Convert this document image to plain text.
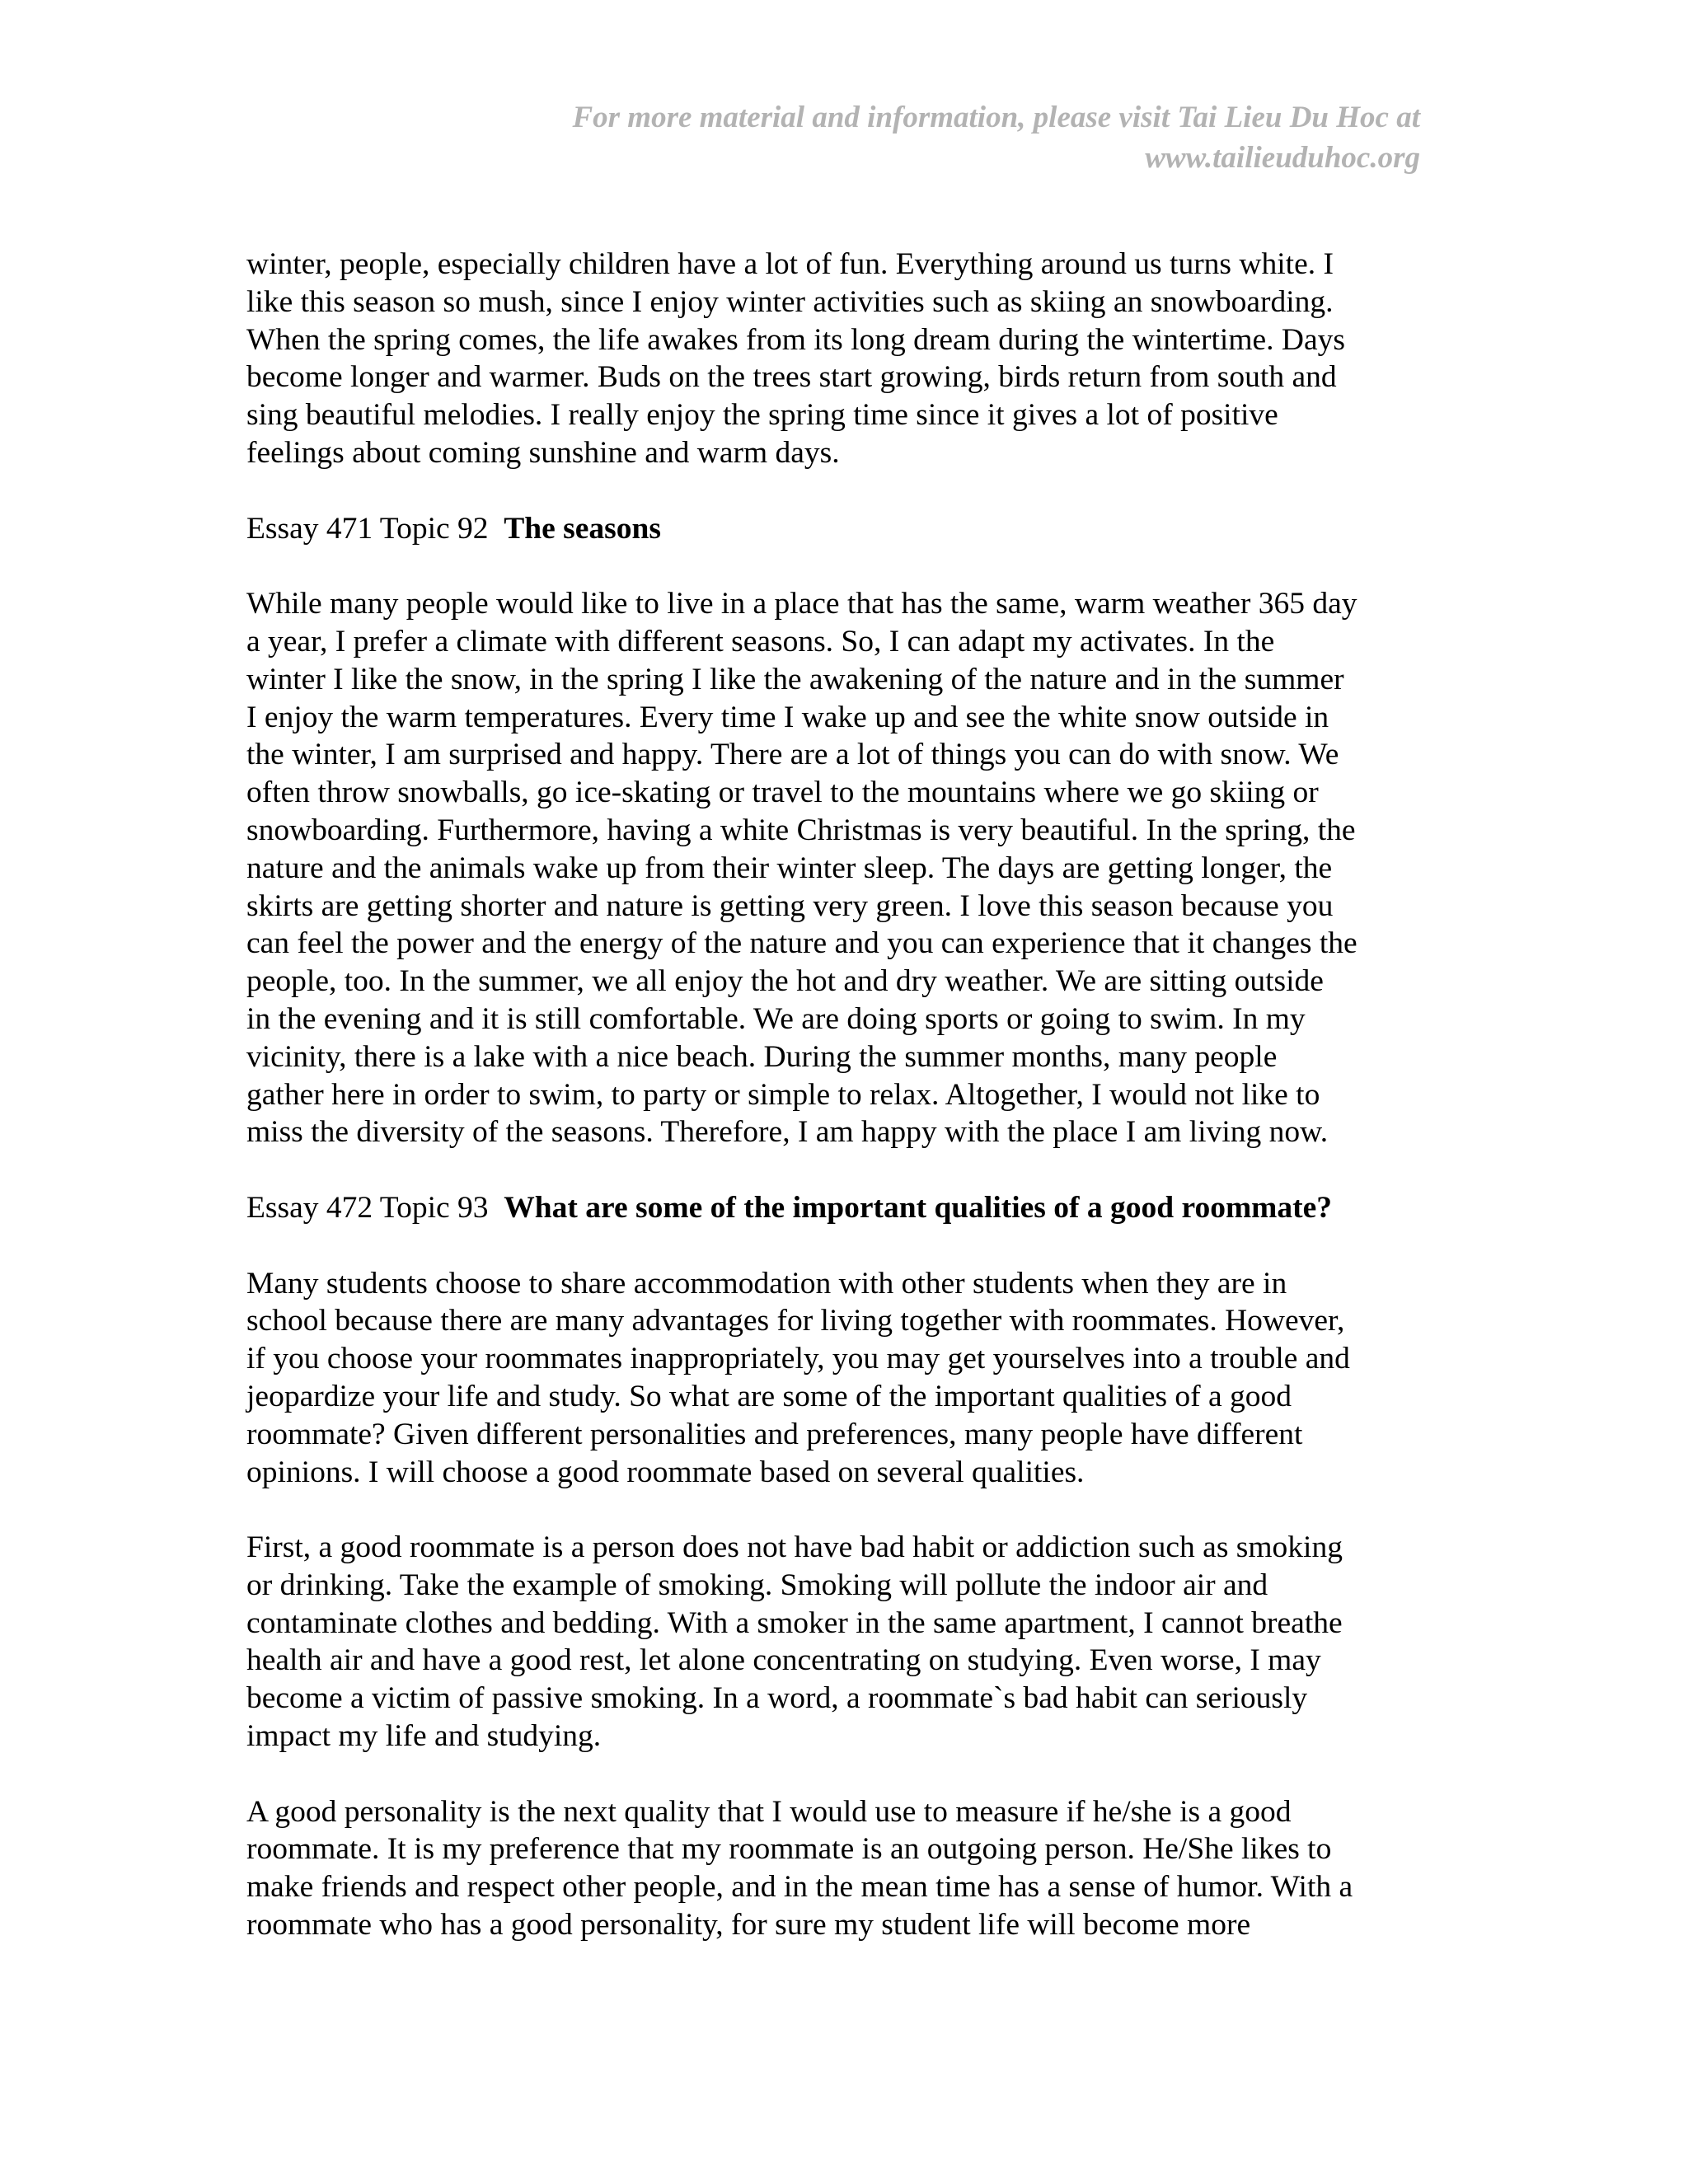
For more material and information, please visit Tai Lieu Du Hoc at
www.tailieuduhoc.org
winter, people, especially children have a lot of fun. Everything around us turns white. I
like this season so mush, since I enjoy winter activities such as skiing an snowboarding.
When the spring comes, the life awakes from its long dream during the wintertime. Days
become longer and warmer. Buds on the trees start growing, birds return from south and
sing beautiful melodies. I really enjoy the spring time since it gives a lot of positive
feelings about coming sunshine and warm days.
Essay 471 Topic 92 The seasons
While many people would like to live in a place that has the same, warm weather 365 day
a year, I prefer a climate with different seasons. So, I can adapt my activates. In the
winter I like the snow, in the spring I like the awakening of the nature and in the summer
I enjoy the warm temperatures. Every time I wake up and see the white snow outside in
the winter, I am surprised and happy. There are a lot of things you can do with snow. We
often throw snowballs, go ice-skating or travel to the mountains where we go skiing or
snowboarding. Furthermore, having a white Christmas is very beautiful. In the spring, the
nature and the animals wake up from their winter sleep. The days are getting longer, the
skirts are getting shorter and nature is getting very green. I love this season because you
can feel the power and the energy of the nature and you can experience that it changes the
people, too. In the summer, we all enjoy the hot and dry weather. We are sitting outside
in the evening and it is still comfortable. We are doing sports or going to swim. In my
vicinity, there is a lake with a nice beach. During the summer months, many people
gather here in order to swim, to party or simple to relax. Altogether, I would not like to
miss the diversity of the seasons. Therefore, I am happy with the place I am living now.
Essay 472 Topic 93 What are some of the important qualities of a good roommate?
Many students choose to share accommodation with other students when they are in
school because there are many advantages for living together with roommates. However,
if you choose your roommates inappropriately, you may get yourselves into a trouble and
jeopardize your life and study. So what are some of the important qualities of a good
roommate? Given different personalities and preferences, many people have different
opinions. I will choose a good roommate based on several qualities.
First, a good roommate is a person does not have bad habit or addiction such as smoking
or drinking. Take the example of smoking. Smoking will pollute the indoor air and
contaminate clothes and bedding. With a smoker in the same apartment, I cannot breathe
health air and have a good rest, let alone concentrating on studying. Even worse, I may
become a victim of passive smoking. In a word, a roommate`s bad habit can seriously
impact my life and studying.
A good personality is the next quality that I would use to measure if he/she is a good
roommate. It is my preference that my roommate is an outgoing person. He/She likes to
make friends and respect other people, and in the mean time has a sense of humor. With a
roommate who has a good personality, for sure my student life will become more
